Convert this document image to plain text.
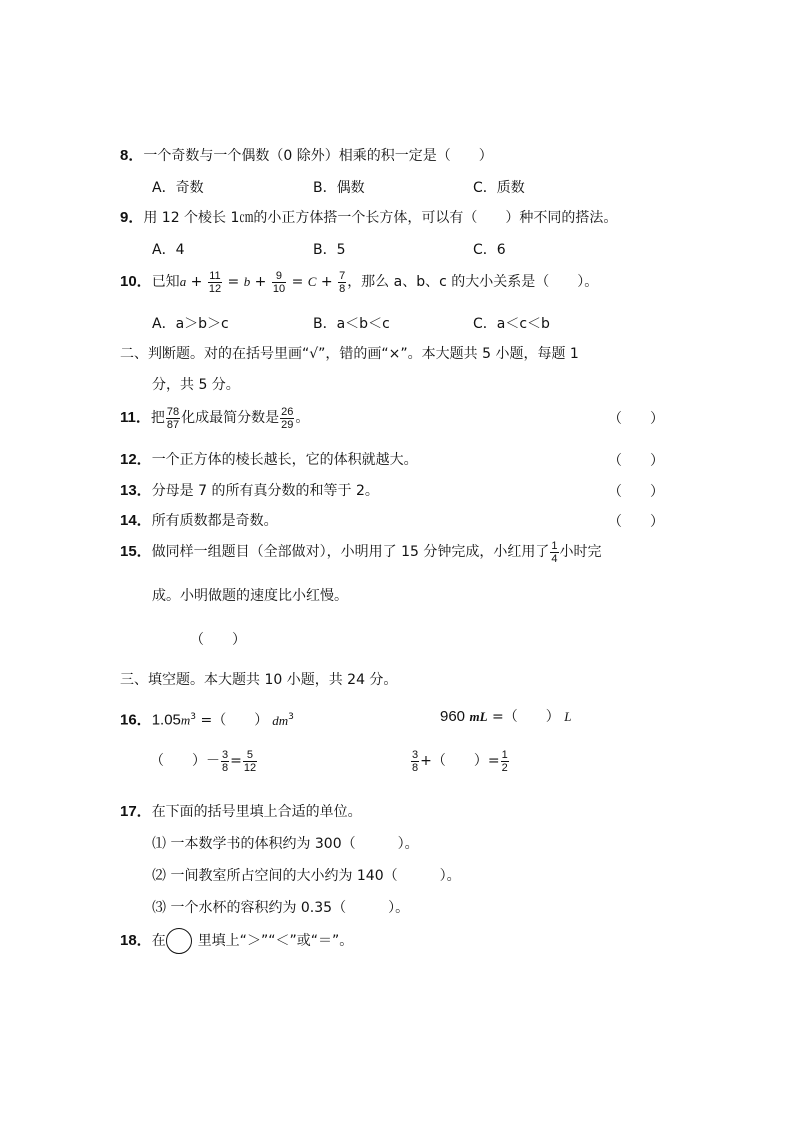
8．一个奇数与一个偶数（0 除外）相乘的积一定是（　　）
A．奇数	B．偶数	C．质数
9．用 12 个棱长 1㎝的小正方体搭一个长方体，可以有（　　）种不同的搭法。
A．4	B．5	C．6
10．已知$a + \frac{11}{12} = b + \frac{9}{10} = C + \frac{7}{8}$ ，那么 a、b、c 的大小关系是（　　）。
A．a＞b＞c	B．a＜b＜c	C．a＜c＜b
二、判断题。对的在括号里画“√”，错的画“×”。本大题共 5 小题，每题 1
分，共 5 分。
11．把 $\frac{78}{87}$ 化成最简分数是 $\frac{26}{29}$ 。	（　　）
12．一个正方体的棱长越长，它的体积就越大。	（　　）
13．分母是 7 的所有真分数的和等于 2。	（　　）
14．所有质数都是奇数。	（　　）
15．做同样一组题目（全部做对），小明用了 15 分钟完成，小红用了 $\frac{1}{4}$ 小时完
成。小明做题的速度比小红慢。
（　　）
三、填空题。本大题共 10 小题，共 24 分。
16．$1.05m^3$ =（　　） $dm^3$	960 mL =（　　） L
（　　）－ $\frac{3}{8} = \frac{5}{12}$	$\frac{3}{8}$ +（　　）= $\frac{1}{2}$
17．在下面的括号里填上合适的单位。
⑴ 一本数学书的体积约为 300（　　　）。
⑵ 一间教室所占空间的大小约为 140（　　　）。
⑶ 一个水杯的容积约为 0.35（　　　）。
18．在 里填上“＞”“＜”或“＝”。
